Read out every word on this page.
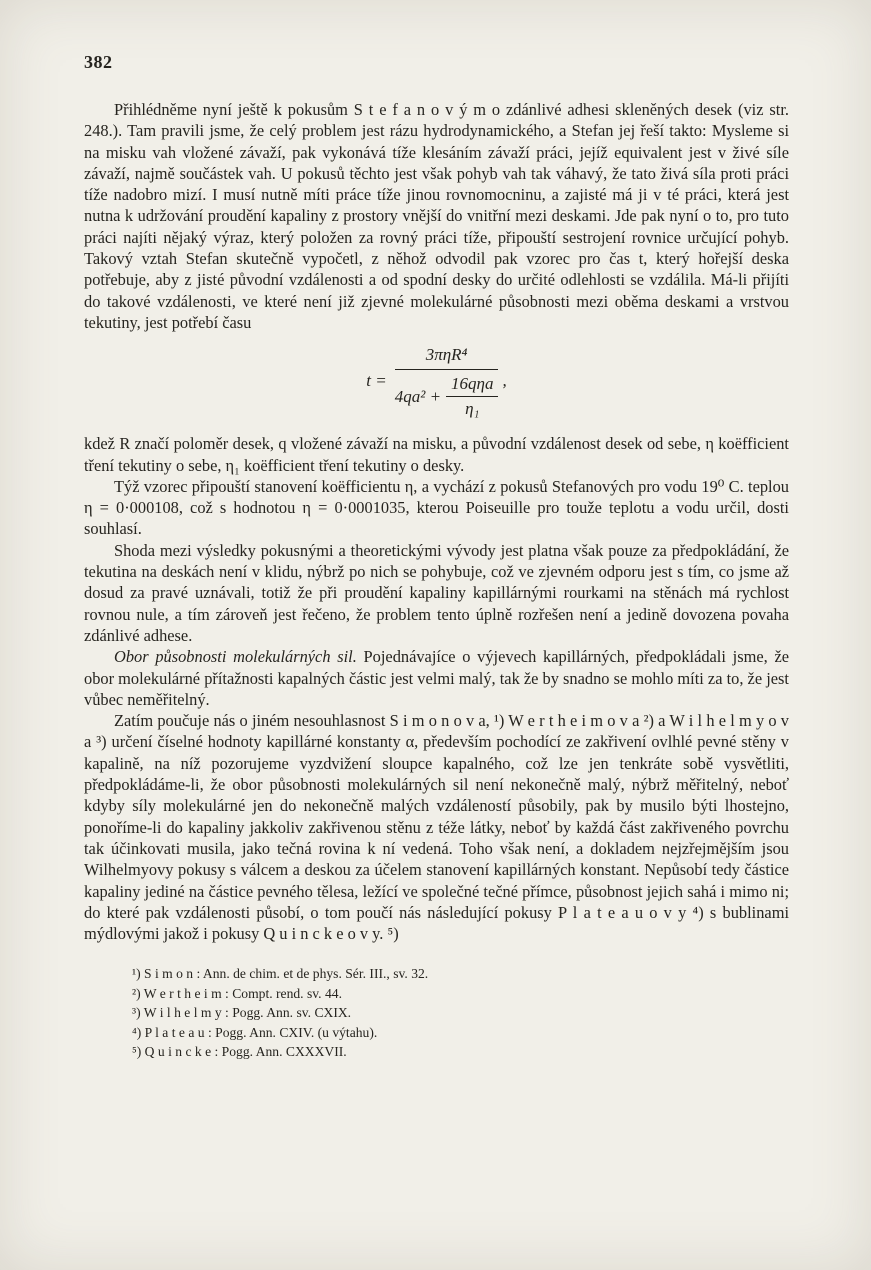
382

Přihlédněme nyní ještě k pokusům S t e f a n o v ý m o zdánlivé adhesi skleněných desek (viz str. 248.). Tam pravili jsme, že celý problem jest rázu hydrodynamického, a Stefan jej řeší takto: Mysleme si na misku vah vložené závaží, pak vykonává tíže klesáním závaží práci, jejíž equivalent jest v živé síle závaží, najmě součástek vah. U pokusů těchto jest však pohyb vah tak váhavý, že tato živá síla proti práci tíže nadobro mizí. I musí nutně míti práce tíže jinou rovnomocninu, a zajisté má ji v té práci, která jest nutna k udržování proudění kapaliny z prostory vnější do vnitřní mezi deskami. Jde pak nyní o to, pro tuto práci najíti nějaký výraz, který položen za rovný práci tíže, připouští sestrojení rovnice určující pohyb. Takový vztah Stefan skutečně vypočetl, z něhož odvodil pak vzorec pro čas t, který hořejší deska potřebuje, aby z jisté původní vzdálenosti a od spodní desky do určité odlehlosti se vzdálila. Má-li přijíti do takové vzdálenosti, ve které není již zjevné molekulárné působnosti mezi oběma deskami a vrstvou tekutiny, jest potřebí času

$t = \frac{\text{3πηR⁴}}{4qa^2 + \frac{\text{16qηa}}{\text{η₁}}}$ ,

kdež R značí poloměr desek, q vložené závaží na misku, a původní vzdálenost desek od sebe, η koëfficient tření tekutiny o sebe, η₁ koëfficient tření tekutiny o desky.

Týž vzorec připouští stanovení koëfficientu η, a vychází z pokusů Stefanových pro vodu 19⁰ C. teplou η = 0·000108, což s hodnotou η = 0·0001035, kterou Poiseuille pro touže teplotu a vodu určil, dosti souhlasí.

Shoda mezi výsledky pokusnými a theoretickými vývody jest platna však pouze za předpokládání, že tekutina na deskách není v klidu, nýbrž po nich se pohybuje, což ve zjevném odporu jest s tím, co jsme až dosud za pravé uznávali, totiž že při proudění kapaliny kapillárnými rourkami na stěnách má rychlost rovnou nule, a tím zároveň jest řečeno, že problem tento úplně rozřešen není a jedině dovozena povaha zdánlivé adhese.

Obor působnosti molekulárných sil. Pojednávajíce o výjevech kapillárných, předpokládali jsme, že obor molekulárné přítažnosti kapalných částic jest velmi malý, tak že by snadno se mohlo míti za to, že jest vůbec neměřitelný.

Zatím poučuje nás o jiném nesouhlasnost S i m o n o v a, ¹) W e r t h e i m o v a ²) a W i l h e l m y o v a ³) určení číselné hodnoty kapillárné konstanty α, především pochodící ze zakřivení ovlhlé pevné stěny v kapalině, na níž pozorujeme vyzdvižení sloupce kapalného, což lze jen tenkráte sobě vysvětliti, předpokládáme-li, že obor působnosti molekulárných sil není nekonečně malý, nýbrž měřitelný, neboť kdyby síly molekulárné jen do nekonečně malých vzdáleností působily, pak by musilo býti lhostejno, ponoříme-li do kapaliny jakkoliv zakřivenou stěnu z téže látky, neboť by každá část zakřiveného povrchu tak účinkovati musila, jako tečná rovina k ní vedená. Toho však není, a dokladem nejzřejmějším jsou Wilhelmyovy pokusy s válcem a deskou za účelem stanovení kapillárných konstant. Nepůsobí tedy částice kapaliny jediné na částice pevného tělesa, ležící ve společné tečné přímce, působnost jejich sahá i mimo ni; do které pak vzdálenosti působí, o tom poučí nás následující pokusy P l a t e a u o v y ⁴) s bublinami mýdlovými jakož i pokusy Q u i n c k e o v y. ⁵)

¹) S i m o n : Ann. de chim. et de phys. Sér. III., sv. 32.

²) W e r t h e i m : Compt. rend. sv. 44.

³) W i l h e l m y : Pogg. Ann. sv. CXIX.

⁴) P l a t e a u : Pogg. Ann. CXIV. (u výtahu).

⁵) Q u i n c k e : Pogg. Ann. CXXXVII.
